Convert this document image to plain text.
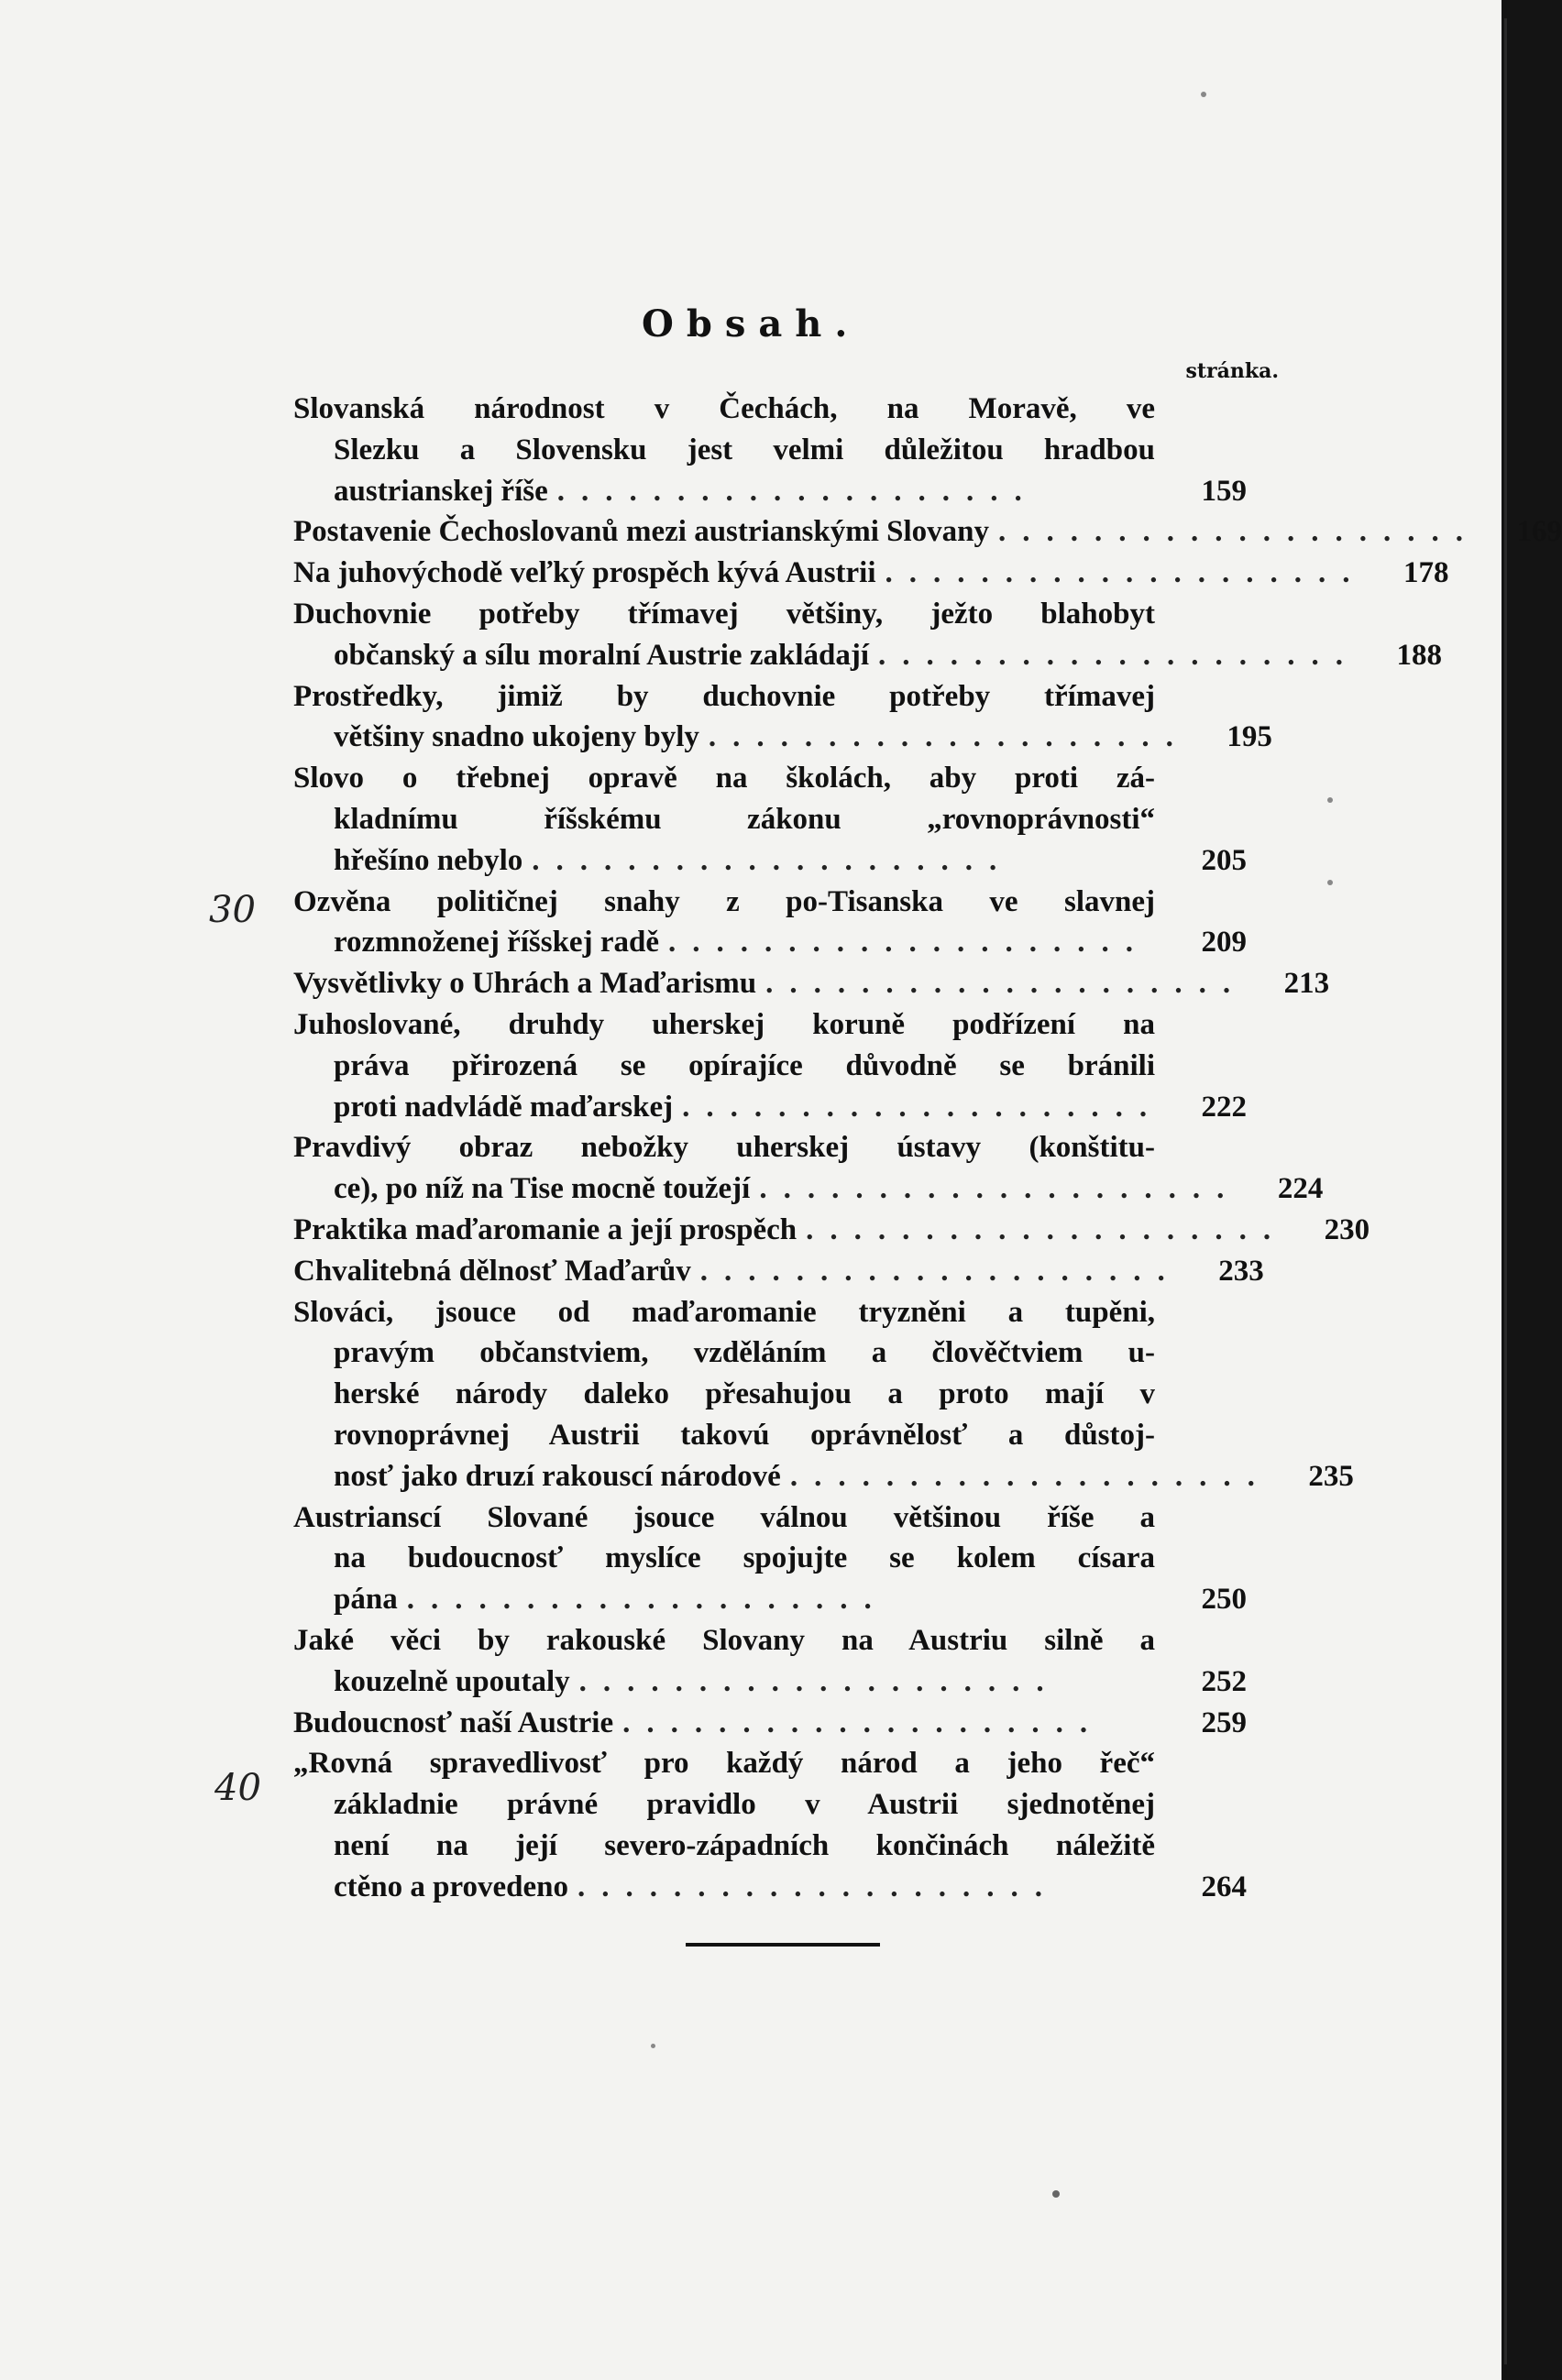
Obsah.
stránka.
30
40
Slovanská národnost v Čechách, na Moravě, ve
Slezku a Slovensku jest velmi důležitou hradbou
austrianskej říše ....................	159
Postavenie Čechoslovanů mezi austrianskými Slovany ....................	169
Na juhovýchodě veľký prospěch kývá Austrii ....................	178
Duchovnie potřeby třímavej většiny, ježto blahobyt
občanský a sílu moralní Austrie zakládají ....................	188
Prostředky, jimiž by duchovnie potřeby třímavej
většiny snadno ukojeny byly ....................	195
Slovo o třebnej opravě na školách, aby proti zá-
kladnímu říšskému zákonu „rovnoprávnosti“
hřešíno nebylo ....................	205
Ozvěna političnej snahy z po-Tisanska ve slavnej
rozmnoženej říšskej radě ....................	209
Vysvětlivky o Uhrách a Maďarismu ....................	213
Juhoslované, druhdy uherskej koruně podřízení na
práva přirozená se opírajíce důvodně se bránili
proti nadvládě maďarskej ....................	222
Pravdivý obraz nebožky uherskej ústavy (konštitu-
ce), po níž na Tise mocně toužejí ....................	224
Praktika maďaromanie a její prospěch ....................	230
Chvalitebná dělnosť Maďarův ....................	233
Slováci, jsouce od maďaromanie tryzněni a tupěni,
pravým občanstviem, vzděláním a člověčtviem u-
herské národy daleko přesahujou a proto mají v
rovnoprávnej Austrii takovú oprávnělosť a důstoj-
nosť jako druzí rakouscí národové ....................	235
Austrianscí Slované jsouce válnou většinou říše a
na budoucnosť myslíce spojujte se kolem císara
pána ....................	250
Jaké věci by rakouské Slovany na Austriu silně a
kouzelně upoutaly ....................	252
Budoucnosť naší Austrie ....................	259
„Rovná spravedlivosť pro každý národ a jeho řeč“
základnie právné pravidlo v Austrii sjednotěnej
není na její severo-západních končinách náležitě
ctěno a provedeno ....................	264
